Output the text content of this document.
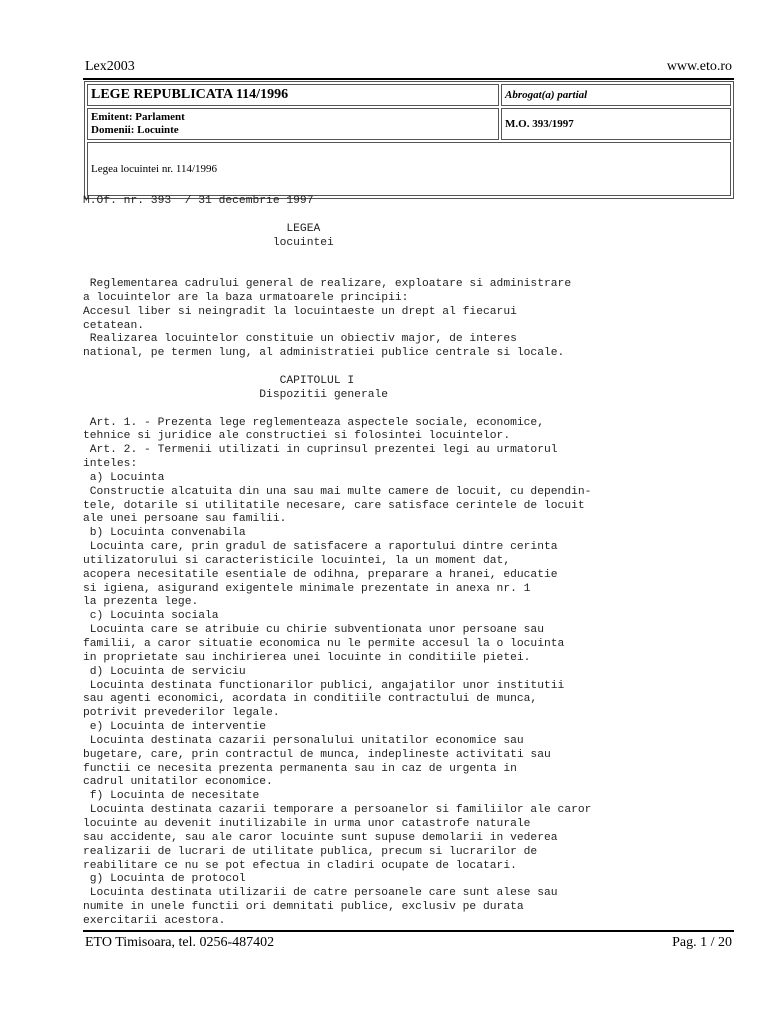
Lex2003	www.eto.ro
LEGE REPUBLICATA 114/1996	Abrogat(a) partial

Emitent: Parlament
Domenii: Locuinte	M.O. 393/1997
Legea locuintei nr. 114/1996	
M.Of. nr. 393  / 31 decembrie 1997

LEGEA
locuintei

Reglementarea cadrului general de realizare, exploatare si administrare
a locuintelor are la baza urmatoarele principii:
Accesul liber si neingradit la locuintaeste un drept al fiecarui
cetatean.
Realizarea locuintelor constituie un obiectiv major, de interes
national, pe termen lung, al administratiei publice centrale si locale.

CAPITOLUL I
Dispozitii generale

Art. 1. - Prezenta lege reglementeaza aspectele sociale, economice,
tehnice si juridice ale constructiei si folosintei locuintelor.
Art. 2. - Termenii utilizati in cuprinsul prezentei legi au urmatorul
inteles:
a) Locuinta
Constructie alcatuita din una sau mai multe camere de locuit, cu dependin-
tele, dotarile si utilitatile necesare, care satisface cerintele de locuit
ale unei persoane sau familii.
b) Locuinta convenabila
Locuinta care, prin gradul de satisfacere a raportului dintre cerinta
utilizatorului si caracteristicile locuintei, la un moment dat,
acopera necesitatile esentiale de odihna, preparare a hranei, educatie
si igiena, asigurand exigentele minimale prezentate in anexa nr. 1
la prezenta lege.
c) Locuinta sociala
Locuinta care se atribuie cu chirie subventionata unor persoane sau
familii, a caror situatie economica nu le permite accesul la o locuinta
in proprietate sau inchirierea unei locuinte in conditiile pietei.
d) Locuinta de serviciu
Locuinta destinata functionarilor publici, angajatilor unor institutii
sau agenti economici, acordata in conditiile contractului de munca,
potrivit prevederilor legale.
e) Locuinta de interventie
Locuinta destinata cazarii personalului unitatilor economice sau
bugetare, care, prin contractul de munca, indeplineste activitati sau
functii ce necesita prezenta permanenta sau in caz de urgenta in
cadrul unitatilor economice.
f) Locuinta de necesitate
Locuinta destinata cazarii temporare a persoanelor si familiilor ale caror
locuinte au devenit inutilizabile in urma unor catastrofe naturale
sau accidente, sau ale caror locuinte sunt supuse demolarii in vederea
realizarii de lucrari de utilitate publica, precum si lucrarilor de
reabilitare ce nu se pot efectua in cladiri ocupate de locatari.
g) Locuinta de protocol
Locuinta destinata utilizarii de catre persoanele care sunt alese sau
numite in unele functii ori demnitati publice, exclusiv pe durata
exercitarii acestora.
ETO Timisoara, tel. 0256-487402	Pag. 1 / 20
